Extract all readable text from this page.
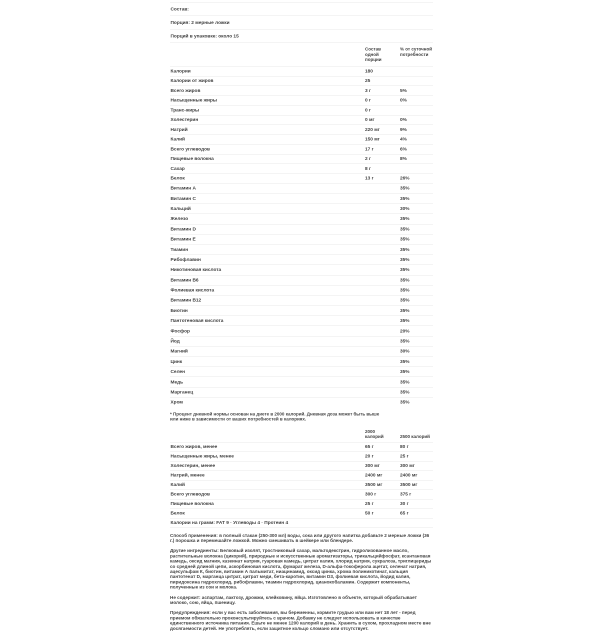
Состав:
Порция: 2 мерные ложки
Порций в упаковке: около 15
Состав одной порции
% от суточной потребности
Калории	180
Калории от жиров	25
Всего жиров	3 г	5%
Насыщенные жиры	0 г	0%
Транс-жиры	0 г
Холестерин	0 мг	0%
Натрий	220 мг 9%
Калий	150 мг 4%
Всего углеводов	17 г	6%
Пищевые волокна	2 г	8%
Сахар	8 г
Белок	13 г	26%
Витамин A	35%
Витамин C	35%
Кальций	30%
Железо	35%
Витамин D	35%
Витамин E	35%
Тиамин	35%
Рибофлавин	35%
Никотиновая кислота	35%
Витамин B6	35%
Фолиевая кислота	35%
Витамин B12	35%
Биотин	35%
Пантотеновая кислота	35%
Фосфор	20%
Йод	35%
Магний	30%
Цинк	35%
Селен	35%
Медь	35%
Марганец	35%
Хром	35%
* Процент дневной нормы основан на диете в 2000 калорий. Дневная доза может быть выше или ниже в зависимости от ваших потребностей в калориях.
2000 калорий 2500 калорий
Всего жиров, менее	65 г	80 г
Насыщенные жиры, менее	20 г	25 г
Холестерин, менее	300 мг 300 мг
Натрий, менее	2400 мг 2400 мг
Калий	3500 мг 3500 мг
Всего углеводов	300 г	375 г
Пищевые волокна	25 г	30 г
Белок	50 г	65 г
Калории на грамм: FAT 9 · Углеводы 4 · Протеин 4
Способ применения: в полный стакан (250-300 мл) воды, сока или другого напитка добавьте 2 мерные ложки (36 г.) порошка и перемешайте ложкой. Можно смешивать в шейкере или блендере.
Другие ингредиенты: Белковый изолят, тростниковый сахар, мальтодекстрин, гидролизованное масло, растительные волокна (цикорий), природные и искусственные ароматизаторы, трикальцийфосфат, ксантановая камедь, оксид магния, казеинат натрия, гуаровая камедь, цитрат калия, хлорид натрия, сукралоза, триглицериды со средней длиной цепи, аскорбиновая кислота, фумарат железа, D-альфа-токоферола ацетат, селенат натрия, ацесульфам К, биотин, витамин А пальмитат, ниацинамид, оксид цинка, хрома полиникотинат, кальция пантотенат D, марганца цитрат, цитрат меди, бета-каротин, витамин D3, фолиевая кислота, йодид калия, пиридоксина гидрохлорид, рибофлавин, тиамин гидрохлорид, цианокобаламин. Содержит компоненты, полученные из сои и молока.
Не содержит: аспартам, лактозу, дрожжи, клейковину, яйца. Изготовлено в объекте, который обрабатывает молоко, сою, яйца, пшеницу.
Предупреждения: если у вас есть заболевания, вы беременны, кормите грудью или вам нет 18 лет - перед приемом обязательно проконсультируйтесь с врачом. Добавку не следует использовать в качестве единственного источника питания. Ешьте не менее 1200 калорий в день. Хранить в сухом, прохладном месте вне досягаемости детей. Не употреблять, если защитное кольцо сломано или отсутствует.
